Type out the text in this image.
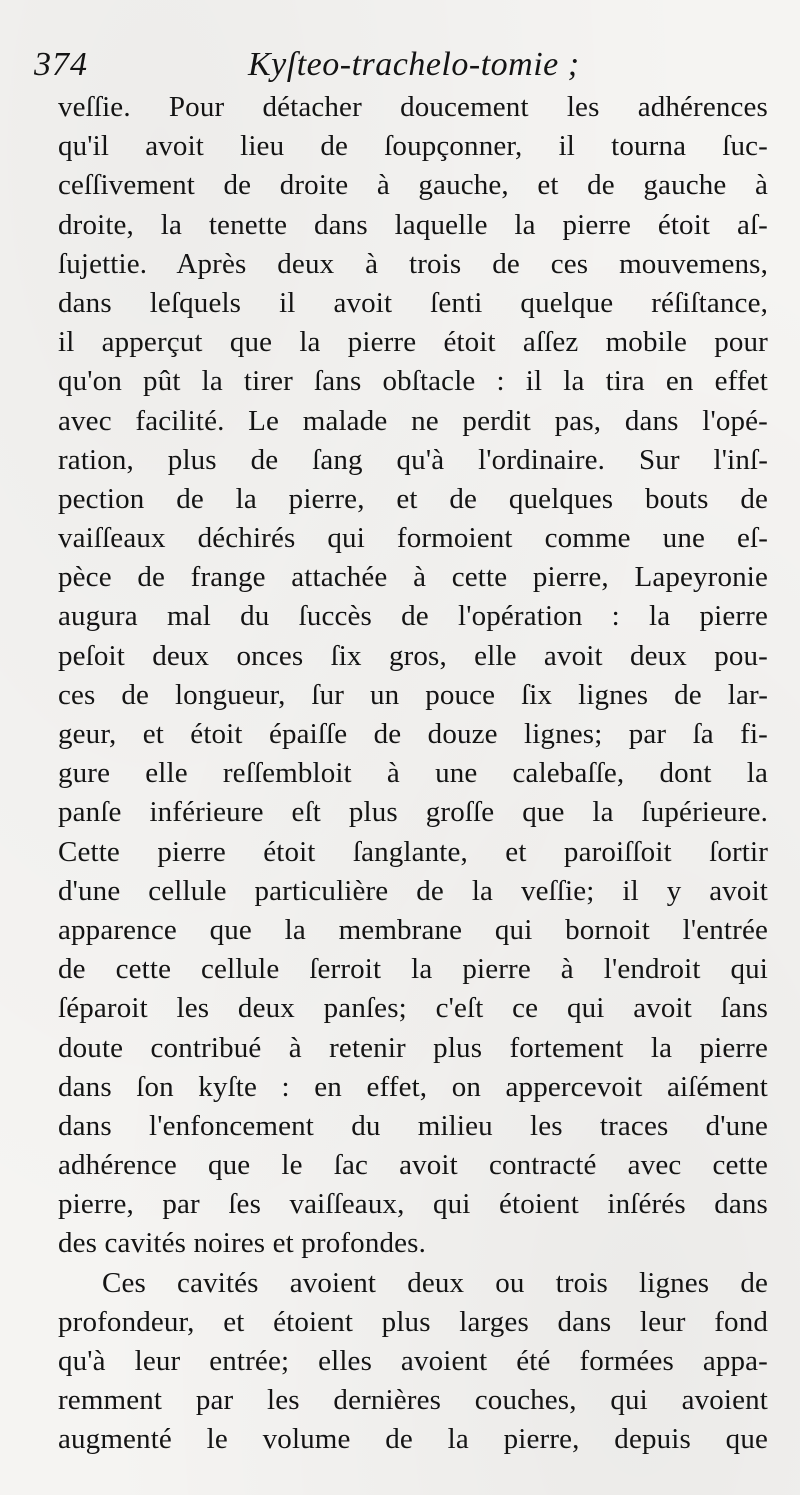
374	Kyſteo-trachelo-tomie ;
veſſie. Pour détacher doucement les adhérences
qu'il avoit lieu de ſoupçonner, il tourna ſuc-
ceſſivement de droite à gauche, et de gauche à
droite, la tenette dans laquelle la pierre étoit aſ-
ſujettie. Après deux à trois de ces mouvemens,
dans leſquels il avoit ſenti quelque réſiſtance,
il apperçut que la pierre étoit aſſez mobile pour
qu'on pût la tirer ſans obſtacle : il la tira en effet
avec facilité. Le malade ne perdit pas, dans l'opé-
ration, plus de ſang qu'à l'ordinaire. Sur l'inſ-
pection de la pierre, et de quelques bouts de
vaiſſeaux déchirés qui formoient comme une eſ-
pèce de frange attachée à cette pierre, Lapeyronie
augura mal du ſuccès de l'opération : la pierre
peſoit deux onces ſix gros, elle avoit deux pou-
ces de longueur, ſur un pouce ſix lignes de lar-
geur, et étoit épaiſſe de douze lignes; par ſa fi-
gure elle reſſembloit à une calebaſſe, dont la
panſe inférieure eſt plus groſſe que la ſupérieure.
Cette pierre étoit ſanglante, et paroiſſoit ſortir
d'une cellule particulière de la veſſie; il y avoit
apparence que la membrane qui bornoit l'entrée
de cette cellule ſerroit la pierre à l'endroit qui
ſéparoit les deux panſes; c'eſt ce qui avoit ſans
doute contribué à retenir plus fortement la pierre
dans ſon kyſte : en effet, on appercevoit aiſément
dans l'enfoncement du milieu les traces d'une
adhérence que le ſac avoit contracté avec cette
pierre, par ſes vaiſſeaux, qui étoient inſérés dans
des cavités noires et profondes.
Ces cavités avoient deux ou trois lignes de
profondeur, et étoient plus larges dans leur fond
qu'à leur entrée; elles avoient été formées appa-
remment par les dernières couches, qui avoient
augmenté le volume de la pierre, depuis que
